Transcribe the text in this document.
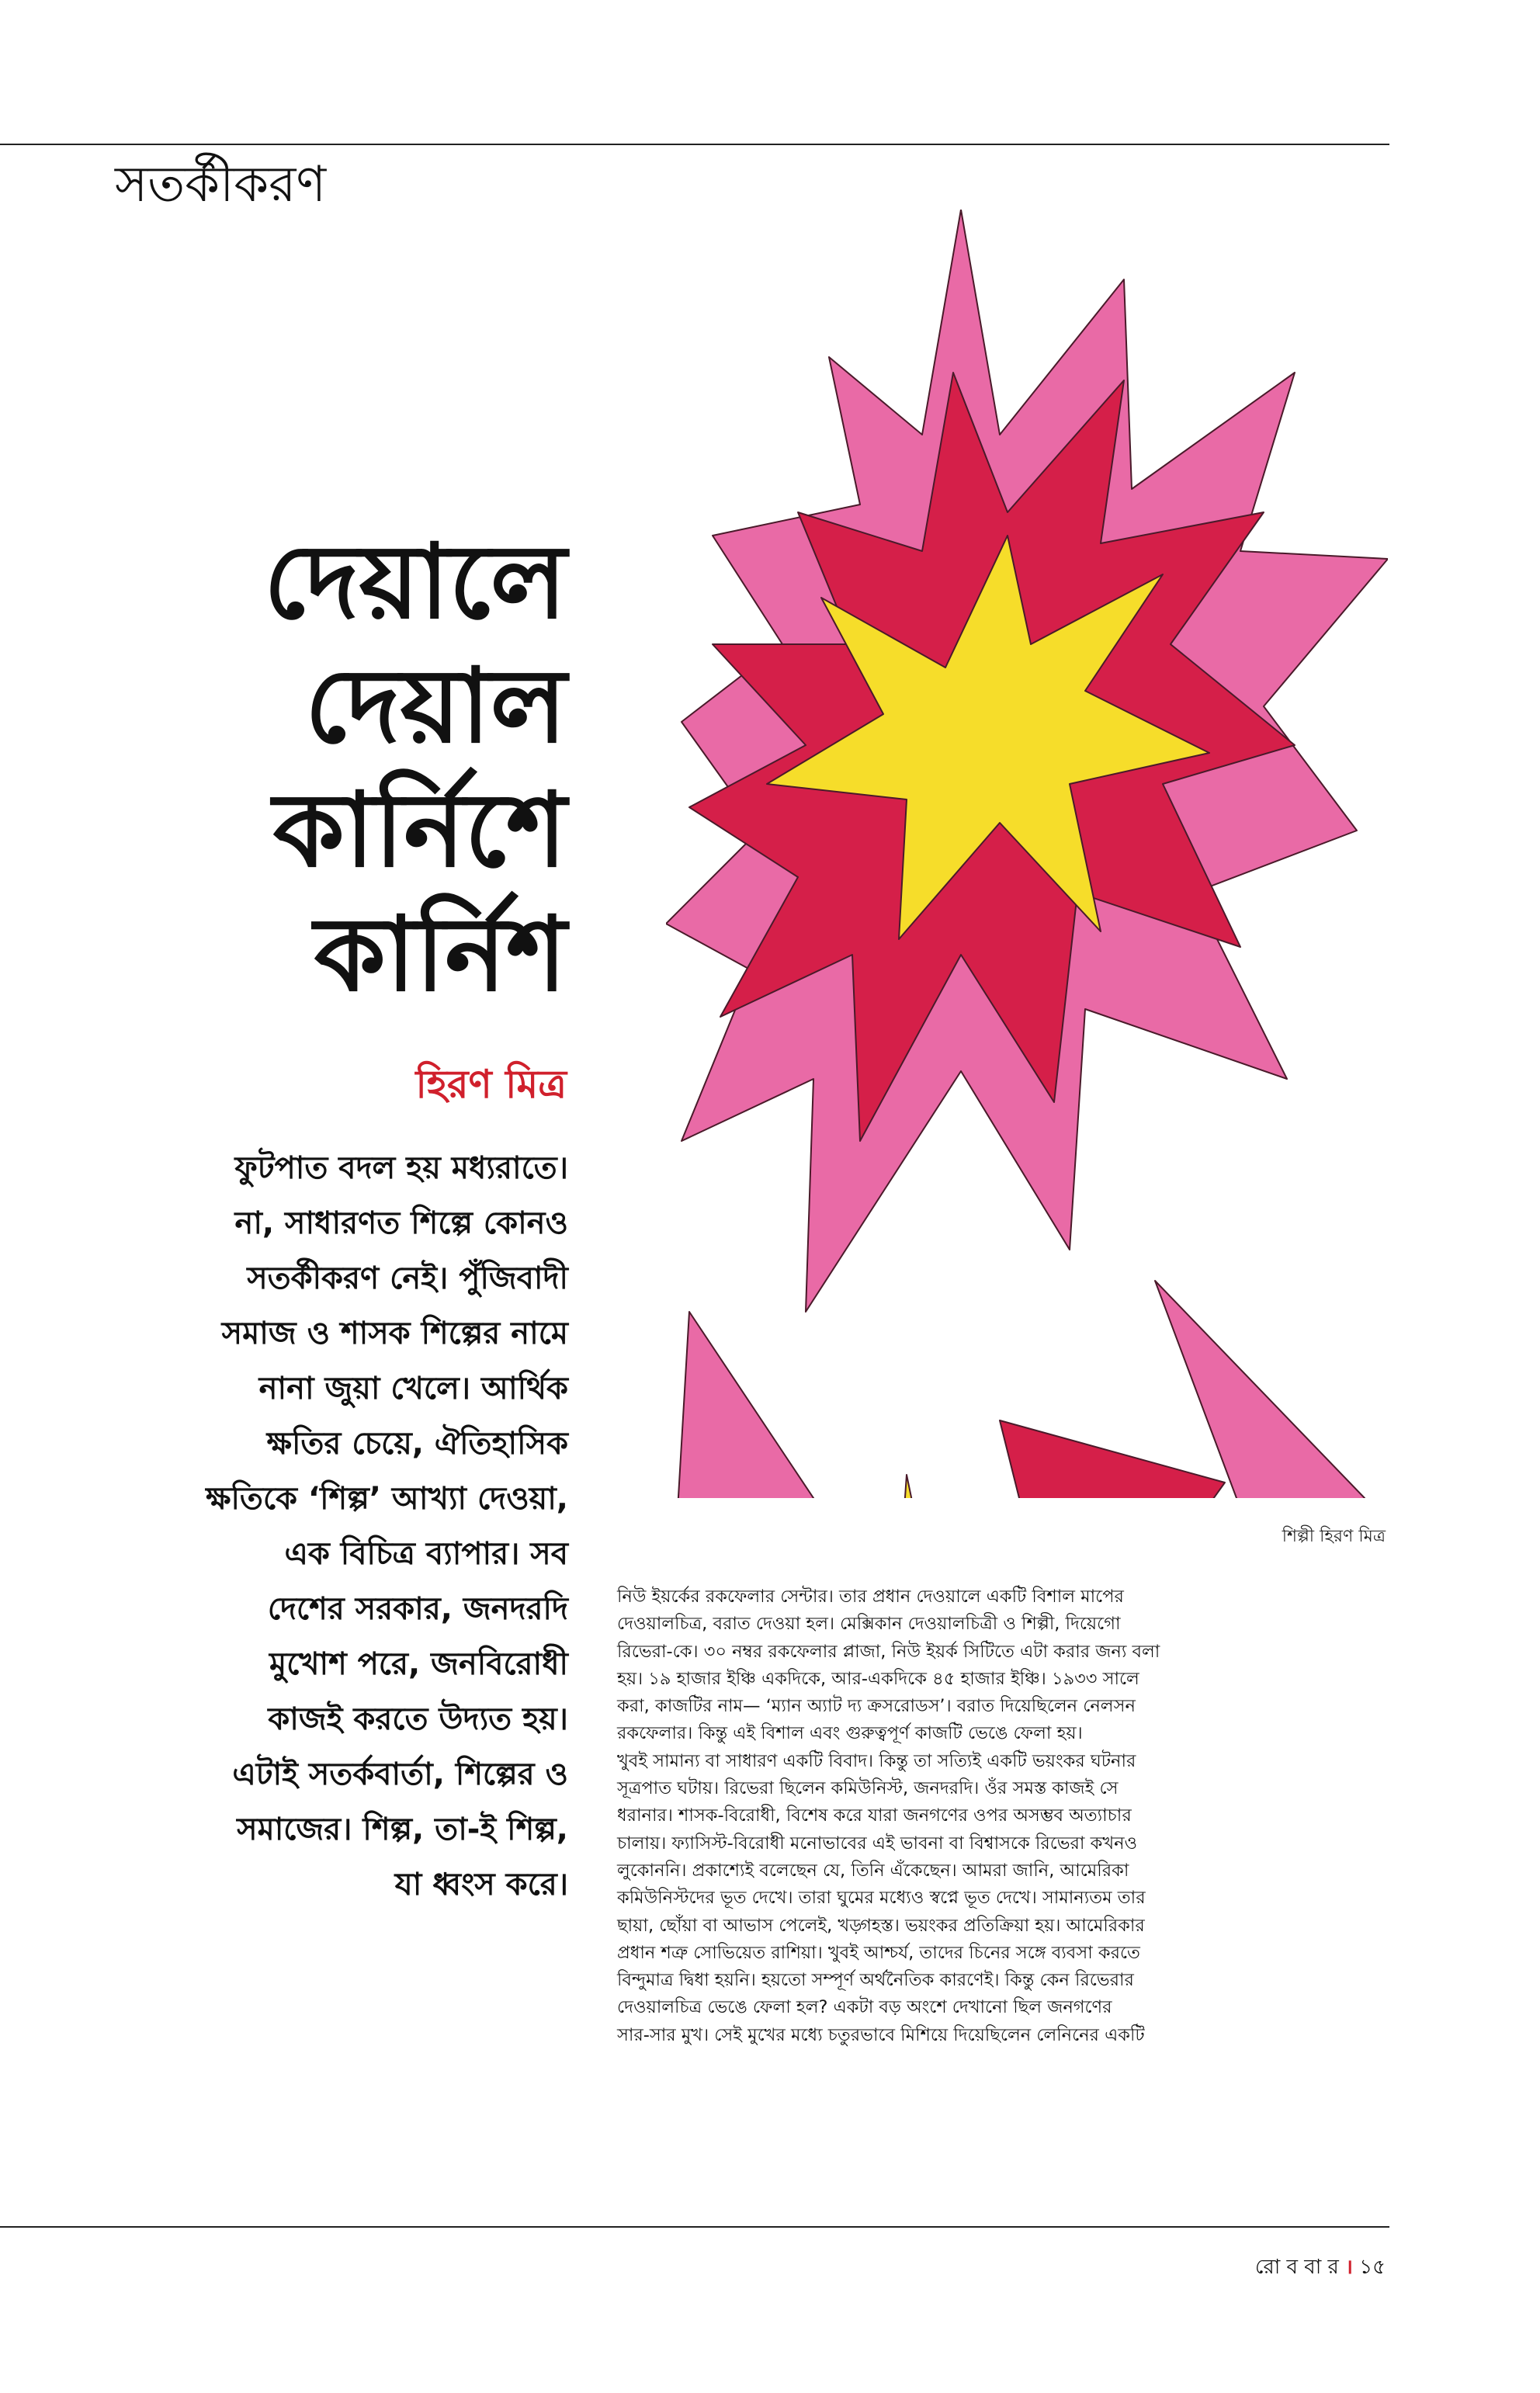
সতর্কীকরণ
দেয়ালে
দেয়াল
কার্নিশে
কার্নিশ
হিরণ মিত্র
ফুটপাত বদল হয় মধ্যরাতে।
না, সাধারণত শিল্পে কোনও
সতর্কীকরণ নেই। পুঁজিবাদী
সমাজ ও শাসক শিল্পের নামে
নানা জুয়া খেলে। আর্থিক
ক্ষতির চেয়ে, ঐতিহাসিক
ক্ষতিকে ‘শিল্প’ আখ্যা দেওয়া,
এক বিচিত্র ব্যাপার। সব
দেশের সরকার, জনদরদি
মুখোশ পরে, জনবিরোধী
কাজই করতে উদ্যত হয়।
এটাই সতর্কবার্তা, শিল্পের ও
সমাজের। শিল্প, তা-ই শিল্প,
যা ধ্বংস করে।
শিল্পী হিরণ মিত্র
নিউ ইয়র্কের রকফেলার সেন্টার। তার প্রধান দেওয়ালে একটি বিশাল মাপের
দেওয়ালচিত্র, বরাত দেওয়া হল। মেক্সিকান দেওয়ালচিত্রী ও শিল্পী, দিয়েগো
রিভেরা-কে। ৩০ নম্বর রকফেলার প্লাজা, নিউ ইয়র্ক সিটিতে এটা করার জন্য বলা
হয়। ১৯ হাজার ইঞ্চি একদিকে, আর-একদিকে ৪৫ হাজার ইঞ্চি। ১৯৩৩ সালে
করা, কাজটির নাম— ‘ম্যান অ্যাট দ্য ক্রসরোডস’। বরাত দিয়েছিলেন নেলসন
রকফেলার। কিন্তু এই বিশাল এবং গুরুত্বপূর্ণ কাজটি ভেঙে ফেলা হয়।
খুবই সামান্য বা সাধারণ একটি বিবাদ। কিন্তু তা সত্যিই একটি ভয়ংকর ঘটনার
সূত্রপাত ঘটায়। রিভেরা ছিলেন কমিউনিস্ট, জনদরদি। ওঁর সমস্ত কাজই সে
ধরানার। শাসক-বিরোধী, বিশেষ করে যারা জনগণের ওপর অসম্ভব অত্যাচার
চালায়। ফ্যাসিস্ট-বিরোধী মনোভাবের এই ভাবনা বা বিশ্বাসকে রিভেরা কখনও
লুকোননি। প্রকাশ্যেই বলেছেন যে, তিনি এঁকেছেন। আমরা জানি, আমেরিকা
কমিউনিস্টদের ভূত দেখে। তারা ঘুমের মধ্যেও স্বপ্নে ভূত দেখে। সামান্যতম তার
ছায়া, ছোঁয়া বা আভাস পেলেই, খড়্গহস্ত। ভয়ংকর প্রতিক্রিয়া হয়। আমেরিকার
প্রধান শত্রু সোভিয়েত রাশিয়া। খুবই আশ্চর্য, তাদের চিনের সঙ্গে ব্যবসা করতে
বিন্দুমাত্র দ্বিধা হয়নি। হয়তো সম্পূর্ণ অর্থনৈতিক কারণেই। কিন্তু কেন রিভেরার
দেওয়ালচিত্র ভেঙে ফেলা হল? একটা বড় অংশে দেখানো ছিল জনগণের
সার-সার মুখ। সেই মুখের মধ্যে চতুরভাবে মিশিয়ে দিয়েছিলেন লেনিনের একটি
রো ব বা র । ১৫
